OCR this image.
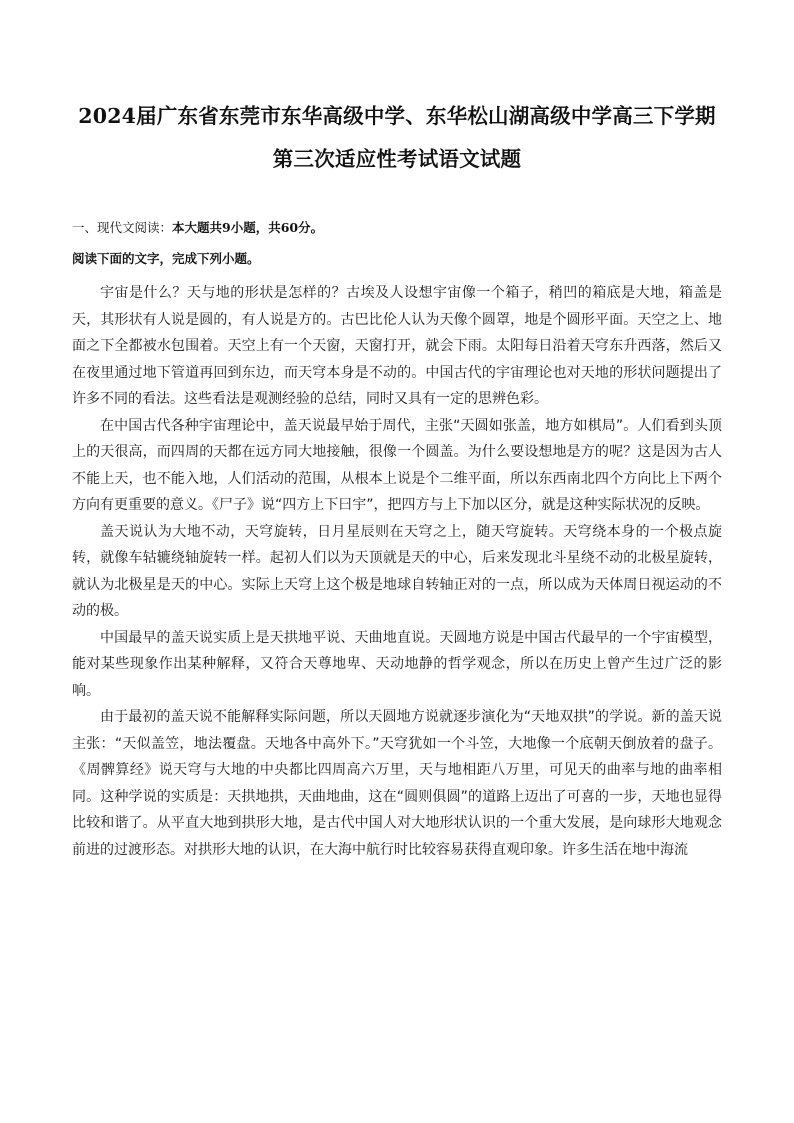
2024届广东省东莞市东华高级中学、东华松山湖高级中学高三下学期
第三次适应性考试语文试题
一、现代文阅读：本大题共9小题，共60分。
阅读下面的文字，完成下列小题。

宇宙是什么？天与地的形状是怎样的？古埃及人设想宇宙像一个箱子，稍凹的箱底是大地，箱盖是天，其形状有人说是圆的，有人说是方的。古巴比伦人认为天像个圆罩，地是个圆形平面。天空之上、地面之下全都被水包围着。天空上有一个天窗，天窗打开，就会下雨。太阳每日沿着天穹东升西落，然后又在夜里通过地下管道再回到东边，而天穹本身是不动的。中国古代的宇宙理论也对天地的形状问题提出了许多不同的看法。这些看法是观测经验的总结，同时又具有一定的思辨色彩。

在中国古代各种宇宙理论中，盖天说最早始于周代，主张“天圆如张盖，地方如棋局”。人们看到头顶上的天很高，而四周的天都在远方同大地接触，很像一个圆盖。为什么要设想地是方的呢？这是因为古人不能上天，也不能入地，人们活动的范围，从根本上说是个二维平面，所以东西南北四个方向比上下两个方向有更重要的意义。《尸子》说“四方上下曰宇”，把四方与上下加以区分，就是这种实际状况的反映。

盖天说认为大地不动，天穹旋转，日月星辰则在天穹之上，随天穹旋转。天穹绕本身的一个极点旋转，就像车轱辘绕轴旋转一样。起初人们以为天顶就是天的中心，后来发现北斗星绕不动的北极星旋转，就认为北极星是天的中心。实际上天穹上这个极是地球自转轴正对的一点，所以成为天体周日视运动的不动的极。

中国最早的盖天说实质上是天拱地平说、天曲地直说。天圆地方说是中国古代最早的一个宇宙模型，能对某些现象作出某种解释，又符合天尊地卑、天动地静的哲学观念，所以在历史上曾产生过广泛的影响。

由于最初的盖天说不能解释实际问题，所以天圆地方说就逐步演化为“天地双拱”的学说。新的盖天说主张：“天似盖笠，地法覆盘。天地各中高外下。”天穹犹如一个斗笠，大地像一个底朝天倒放着的盘子。《周髀算经》说天穹与大地的中央都比四周高六万里，天与地相距八万里，可见天的曲率与地的曲率相同。这种学说的实质是：天拱地拱，天曲地曲，这在“圆则俱圆”的道路上迈出了可喜的一步，天地也显得比较和谐了。从平直大地到拱形大地，是古代中国人对大地形状认识的一个重大发展，是向球形大地观念前进的过渡形态。对拱形大地的认识，在大海中航行时比较容易获得直观印象。许多生活在地中海流
